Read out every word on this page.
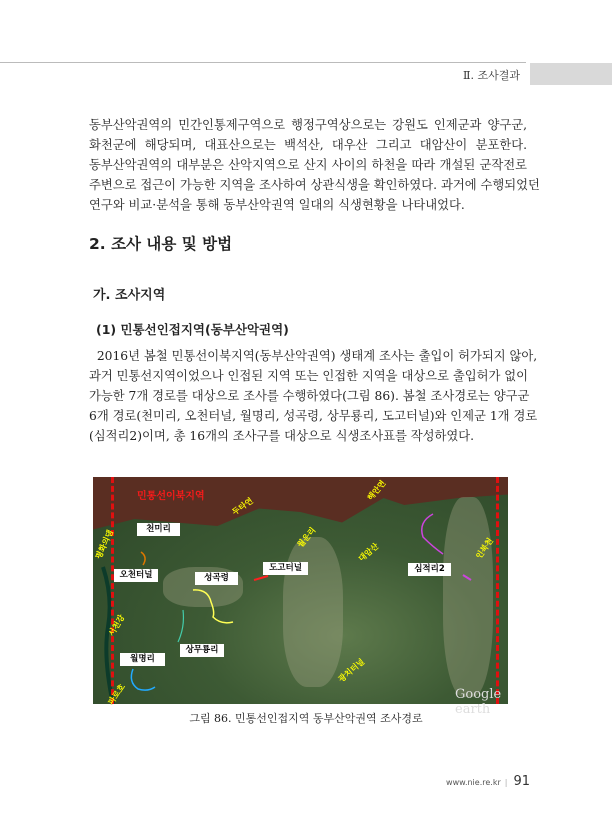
Ⅱ. 조사결과
동부산악권역의 민간인통제구역으로 행정구역상으로는 강원도 인제군과 양구군,
화천군에 해당되며, 대표산으로는 백석산, 대우산 그리고 대암산이 분포한다.
동부산악권역의 대부분은 산악지역으로 산지 사이의 하천을 따라 개설된 군작전로
주변으로 접근이 가능한 지역을 조사하여 상관식생을 확인하였다. 과거에 수행되었던
연구와 비교·분석을 통해 동부산악권역 일대의 식생현황을 나타내었다.
2. 조사 내용 및 방법
가. 조사지역
(1) 민통선인접지역(동부산악권역)
2016년 봄철 민통선이북지역(동부산악권역) 생태계 조사는 출입이 허가되지 않아,
과거 민통선지역이었으나 인접된 지역 또는 인접한 지역을 대상으로 출입허가 없이
가능한 7개 경로를 대상으로 조사를 수행하였다(그림 86). 봄철 조사경로는 양구군
6개 경로(천미리, 오천터널, 월명리, 성곡령, 상무룡리, 도고터널)와 인제군 1개 경로
(심적리2)이며, 총 16개의 조사구를 대상으로 식생조사표를 작성하였다.
민통선이북지역
천미리
오천터널	성곡령
도고터널	심적리2
상무룡리
월명리
두타연
해안면
월운리
대암산	인북천
평화의댐
서천강
파로호
광치터널
Google earth
그림 86. 민통선인접지역 동부산악권역 조사경로
www.nie.re.kr | 91
